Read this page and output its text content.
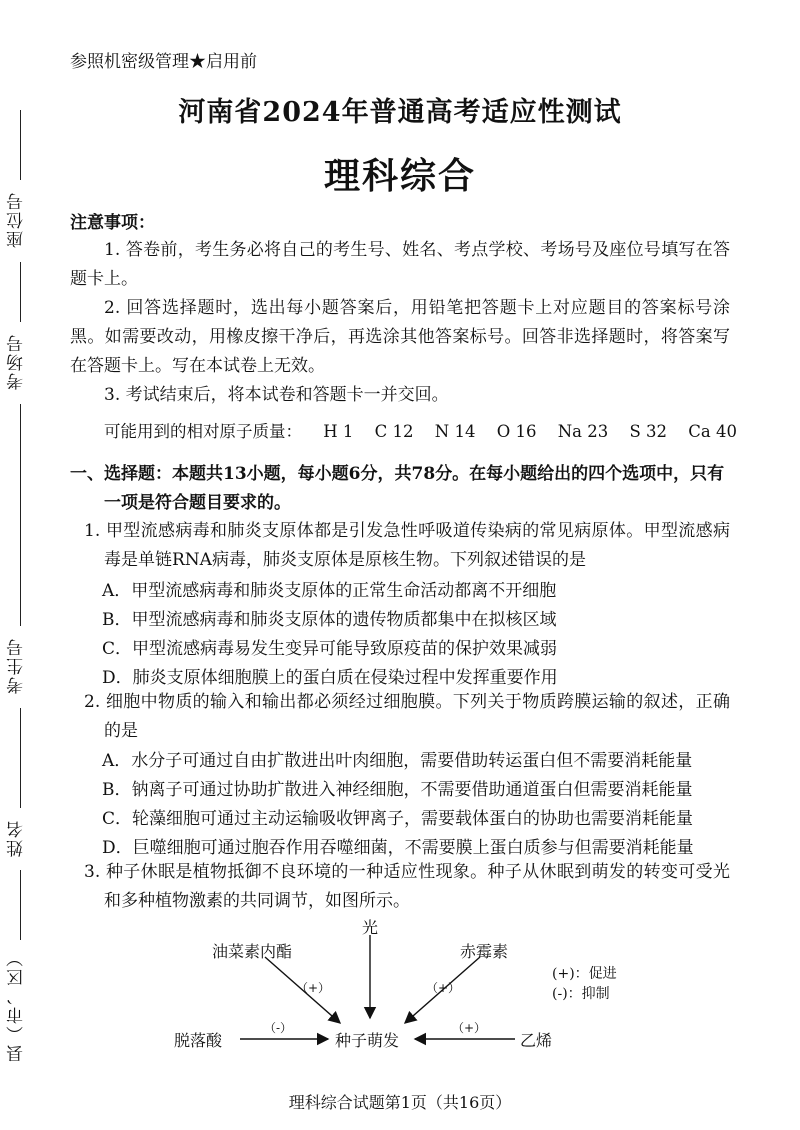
座位号
考场号
考生号
姓名
县（市、区）
参照机密级管理★启用前
河南省2024年普通高考适应性测试
理科综合
注意事项：
1. 答卷前，考生务必将自己的考生号、姓名、考点学校、考场号及座位号填写在答题卡上。
2. 回答选择题时，选出每小题答案后，用铅笔把答题卡上对应题目的答案标号涂黑。如需要改动，用橡皮擦干净后，再选涂其他答案标号。回答非选择题时，将答案写在答题卡上。写在本试卷上无效。
3. 考试结束后，将本试卷和答题卡一并交回。
可能用到的相对原子质量： H 1 C 12 N 14 O 16 Na 23 S 32 Ca 40
一、选择题：本题共13小题，每小题6分，共78分。在每小题给出的四个选项中，只有一项是符合题目要求的。
1. 甲型流感病毒和肺炎支原体都是引发急性呼吸道传染病的常见病原体。甲型流感病毒是单链RNA病毒，肺炎支原体是原核生物。下列叙述错误的是
A．甲型流感病毒和肺炎支原体的正常生命活动都离不开细胞
B．甲型流感病毒和肺炎支原体的遗传物质都集中在拟核区域
C．甲型流感病毒易发生变异可能导致原疫苗的保护效果减弱
D．肺炎支原体细胞膜上的蛋白质在侵染过程中发挥重要作用
2. 细胞中物质的输入和输出都必须经过细胞膜。下列关于物质跨膜运输的叙述，正确的是
A．水分子可通过自由扩散进出叶肉细胞，需要借助转运蛋白但不需要消耗能量
B．钠离子可通过协助扩散进入神经细胞，不需要借助通道蛋白但需要消耗能量
C．轮藻细胞可通过主动运输吸收钾离子，需要载体蛋白的协助也需要消耗能量
D．巨噬细胞可通过胞吞作用吞噬细菌，不需要膜上蛋白质参与但需要消耗能量
3. 种子休眠是植物抵御不良环境的一种适应性现象。种子从休眠到萌发的转变可受光和多种植物激素的共同调节，如图所示。
光
油菜素内酯	赤霉素
脱落酸	种子萌发	乙烯
（+）	（+）
（-）	（+）
(+)：促进
(-)：抑制
理科综合试题第1页（共16页）
